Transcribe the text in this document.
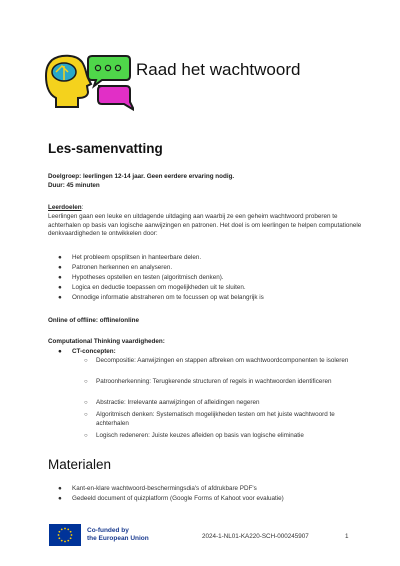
Raad het wachtwoord
Les-samenvatting
Doelgroep: leerlingen 12-14 jaar. Geen eerdere ervaring nodig.
Duur: 45 minuten
Leerdoelen:
Leerlingen gaan een leuke en uitdagende uitdaging aan waarbij ze een geheim wachtwoord proberen te achterhalen op basis van logische aanwijzingen en patronen. Het doel is om leerlingen te helpen computationele denkvaardigheden te ontwikkelen door:
● Het probleem opsplitsen in hanteerbare delen.
● Patronen herkennen en analyseren.
● Hypotheses opstellen en testen (algoritmisch denken).
● Logica en deductie toepassen om mogelijkheden uit te sluiten.
● Onnodige informatie abstraheren om te focussen op wat belangrijk is
Online of offline: offline/online
Computational Thinking vaardigheden:
● CT-concepten:
○ Decompositie: Aanwijzingen en stappen afbreken om wachtwoordcomponenten te isoleren
○ Patroonherkenning: Terugkerende structuren of regels in wachtwoorden identificeren
○ Abstractie: Irrelevante aanwijzingen of afleidingen negeren
○ Algoritmisch denken: Systematisch mogelijkheden testen om het juiste wachtwoord te achterhalen
○ Logisch redeneren: Juiste keuzes afleiden op basis van logische eliminatie
Materialen
● Kant-en-klare wachtwoord-beschermingsdia's of afdrukbare PDF's
● Gedeeld document of quizplatform (Google Forms of Kahoot voor evaluatie)
Co-funded by
the European Union	2024-1-NL01-KA220-SCH-000245907	1
